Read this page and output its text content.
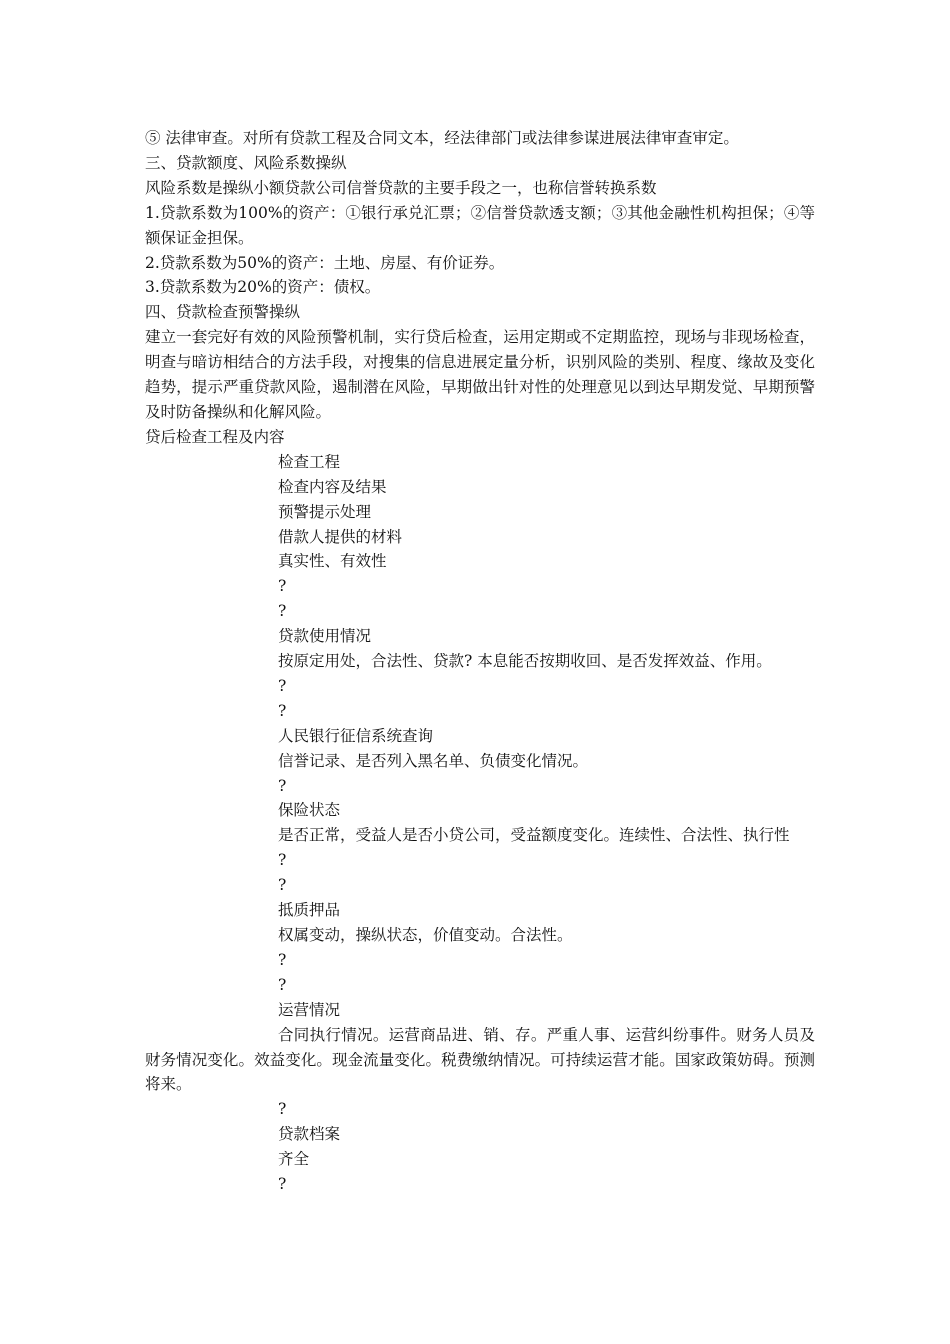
⑤ 法律审查。对所有贷款工程及合同文本，经法律部门或法律参谋进展法律审查审定。

三、贷款额度、风险系数操纵

风险系数是操纵小额贷款公司信誉贷款的主要手段之一，也称信誉转换系数

1.贷款系数为100%的资产：①银行承兑汇票；②信誉贷款透支额；③其他金融性机构担保；④等额保证金担保。

2.贷款系数为50%的资产：土地、房屋、有价证券。

3.贷款系数为20%的资产：债权。

四、贷款检查预警操纵

建立一套完好有效的风险预警机制，实行贷后检查，运用定期或不定期监控，现场与非现场检查，明查与暗访相结合的方法手段，对搜集的信息进展定量分析，识别风险的类别、程度、缘故及变化趋势，提示严重贷款风险，遏制潜在风险，早期做出针对性的处理意见以到达早期发觉、早期预警及时防备操纵和化解风险。

贷后检查工程及内容

检查工程

检查内容及结果

预警提示处理

借款人提供的材料

真实性、有效性

?

?

贷款使用情况

按原定用处，合法性、贷款? 本息能否按期收回、是否发挥效益、作用。

?

?

人民银行征信系统查询

信誉记录、是否列入黑名单、负债变化情况。

?

保险状态

是否正常，受益人是否小贷公司，受益额度变化。连续性、合法性、执行性

?

?

抵质押品

权属变动，操纵状态，价值变动。合法性。

?

?

运营情况

合同执行情况。运营商品进、销、存。严重人事、运营纠纷事件。财务人员及财务情况变化。效益变化。现金流量变化。税费缴纳情况。可持续运营才能。国家政策妨碍。预测将来。

?

贷款档案

齐全

?
